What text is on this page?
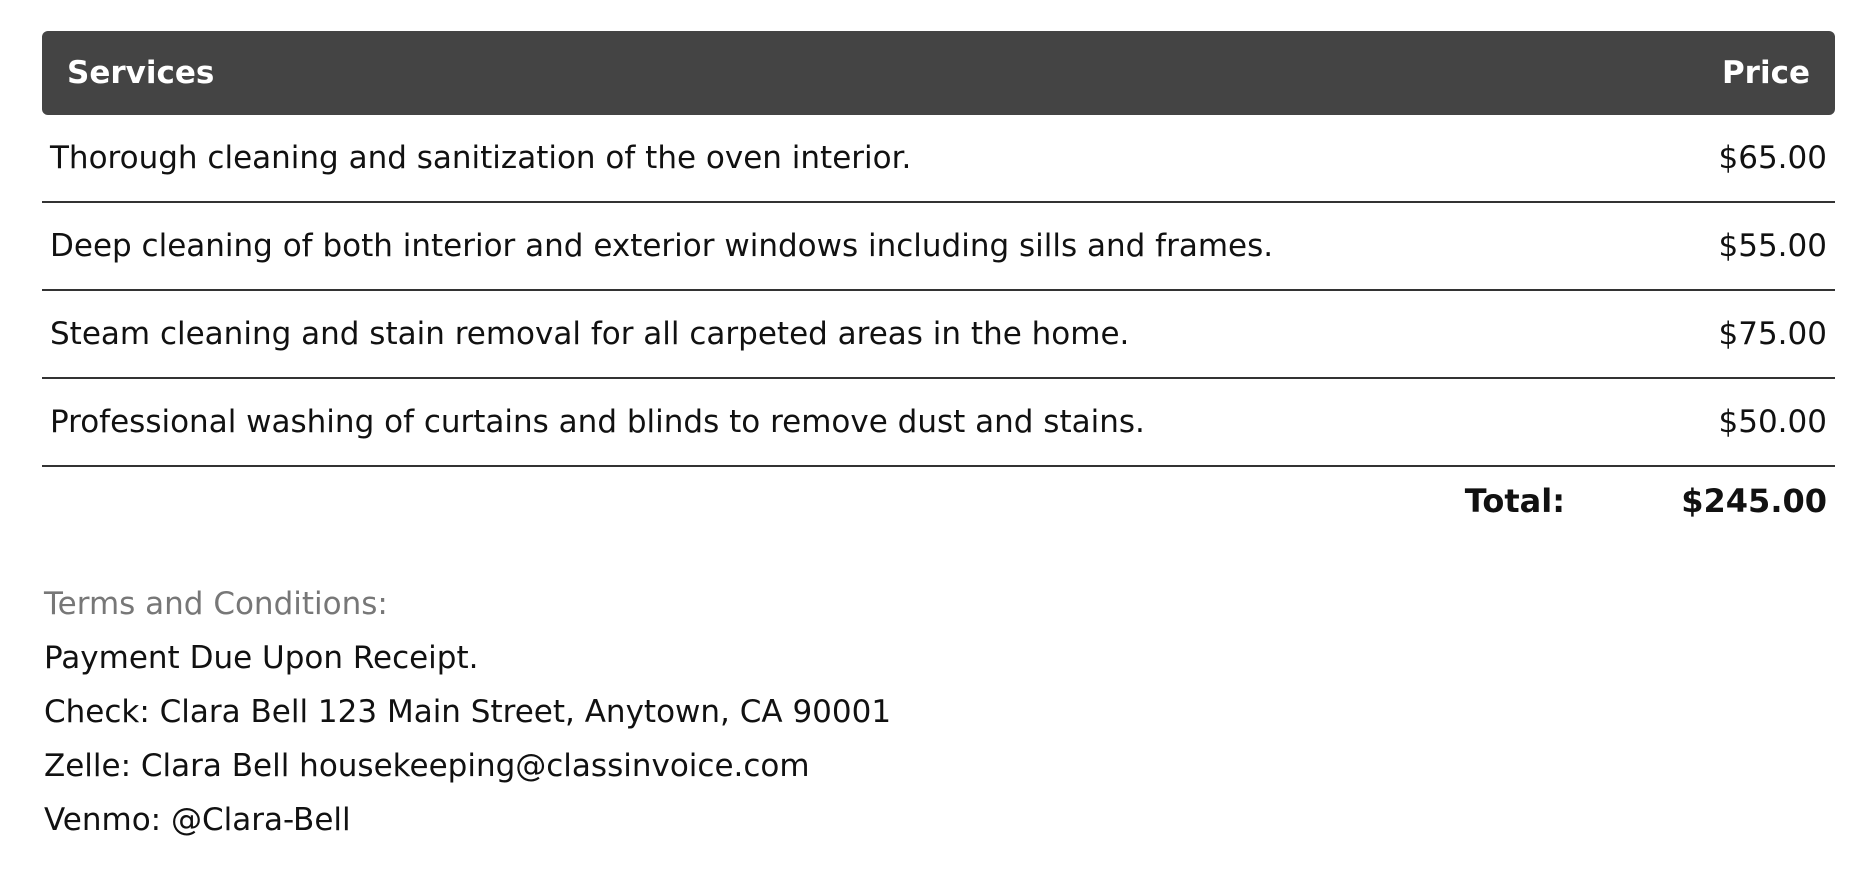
Services	Price
Thorough cleaning and sanitization of the oven interior.	$65.00
Deep cleaning of both interior and exterior windows including sills and frames.	$55.00
Steam cleaning and stain removal for all carpeted areas in the home.	$75.00
Professional washing of curtains and blinds to remove dust and stains.	$50.00
Total:	$245.00
Terms and Conditions:
Payment Due Upon Receipt.
Check: Clara Bell 123 Main Street, Anytown, CA 90001
Zelle: Clara Bell housekeeping@classinvoice.com
Venmo: @Clara-Bell
